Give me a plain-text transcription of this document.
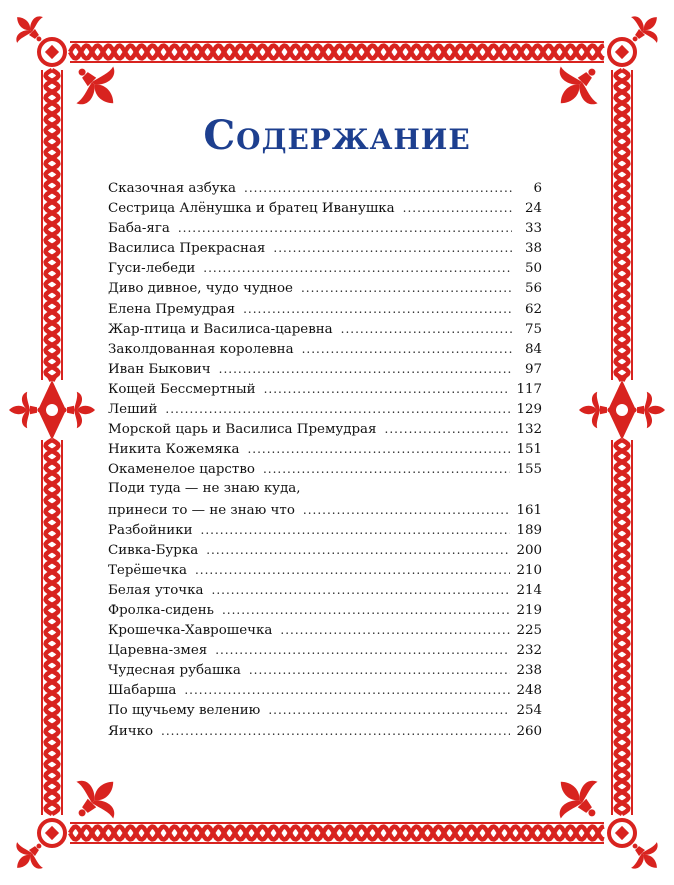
Содержание
Сказочная азбука .....	6
Сестрица Алёнушка и братец Иванушка .....	24
Баба-яга .....	33
Василиса Прекрасная .....	38
Гуси-лебеди .....	50
Диво дивное, чудо чудное .....	56
Елена Премудрая .....	62
Жар-птица и Василиса-царевна .....	75
Заколдованная королевна .....	84
Иван Быкович .....	97
Кощей Бессмертный .....	117
Леший .....	129
Морской царь и Василиса Премудрая .....	132
Никита Кожемяка .....	151
Окаменелое царство .....	155
Поди туда — не знаю куда,
принеси то — не знаю что .....	161
Разбойники .....	189
Сивка-Бурка .....	200
Терёшечка .....	210
Белая уточка .....	214
Фролка-сидень .....	219
Крошечка-Хаврошечка .....	225
Царевна-змея .....	232
Чудесная рубашка .....	238
Шабарша .....	248
По щучьему велению .....	254
Яичко .....	260
